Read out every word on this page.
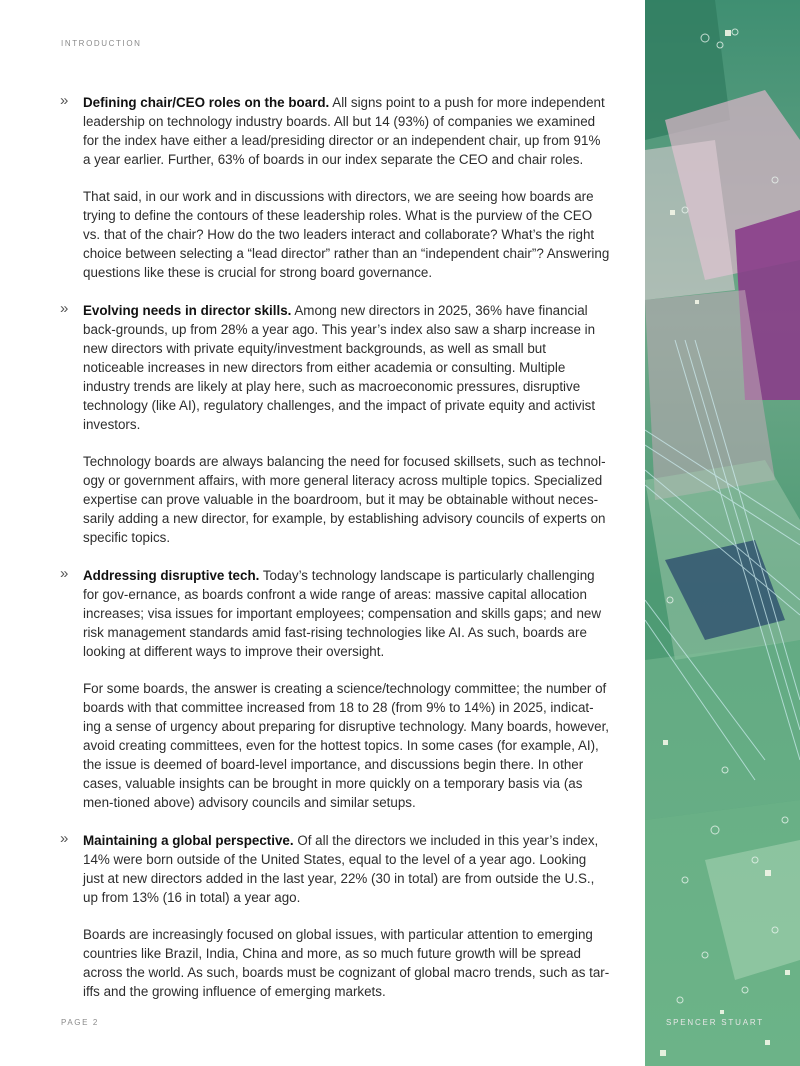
INTRODUCTION
» Defining chair/CEO roles on the board. All signs point to a push for more independent leadership on technology industry boards. All but 14 (93%) of companies we examined for the index have either a lead/presiding director or an independent chair, up from 91% a year earlier. Further, 63% of boards in our index separate the CEO and chair roles.

That said, in our work and in discussions with directors, we are seeing how boards are trying to define the contours of these leadership roles. What is the purview of the CEO vs. that of the chair? How do the two leaders interact and collaborate? What’s the right choice between selecting a “lead director” rather than an “independent chair”? Answering questions like these is crucial for strong board governance.

» Evolving needs in director skills. Among new directors in 2025, 36% have financial back-grounds, up from 28% a year ago. This year’s index also saw a sharp increase in new directors with private equity/investment backgrounds, as well as small but noticeable increases in new directors from either academia or consulting. Multiple industry trends are likely at play here, such as macroeconomic pressures, disruptive technology (like AI), regulatory challenges, and the impact of private equity and activist investors.

Technology boards are always balancing the need for focused skillsets, such as technol-ogy or government affairs, with more general literacy across multiple topics. Specialized expertise can prove valuable in the boardroom, but it may be obtainable without neces-sarily adding a new director, for example, by establishing advisory councils of experts on specific topics.

» Addressing disruptive tech. Today’s technology landscape is particularly challenging for gov-ernance, as boards confront a wide range of areas: massive capital allocation increases; visa issues for important employees; compensation and skills gaps; and new risk management standards amid fast-rising technologies like AI. As such, boards are looking at different ways to improve their oversight.

For some boards, the answer is creating a science/technology committee; the number of boards with that committee increased from 18 to 28 (from 9% to 14%) in 2025, indicat-ing a sense of urgency about preparing for disruptive technology. Many boards, however, avoid creating committees, even for the hottest topics. In some cases (for example, AI), the issue is deemed of board-level importance, and discussions begin there. In other cases, valuable insights can be brought in more quickly on a temporary basis via (as men-tioned above) advisory councils and similar setups.

» Maintaining a global perspective. Of all the directors we included in this year’s index, 14% were born outside of the United States, equal to the level of a year ago. Looking just at new directors added in the last year, 22% (30 in total) are from outside the U.S., up from 13% (16 in total) a year ago.

Boards are increasingly focused on global issues, with particular attention to emerging countries like Brazil, India, China and more, as so much future growth will be spread across the world. As such, boards must be cognizant of global macro trends, such as tar-iffs and the growing influence of emerging markets.

PAGE 2	SPENCER STUART
